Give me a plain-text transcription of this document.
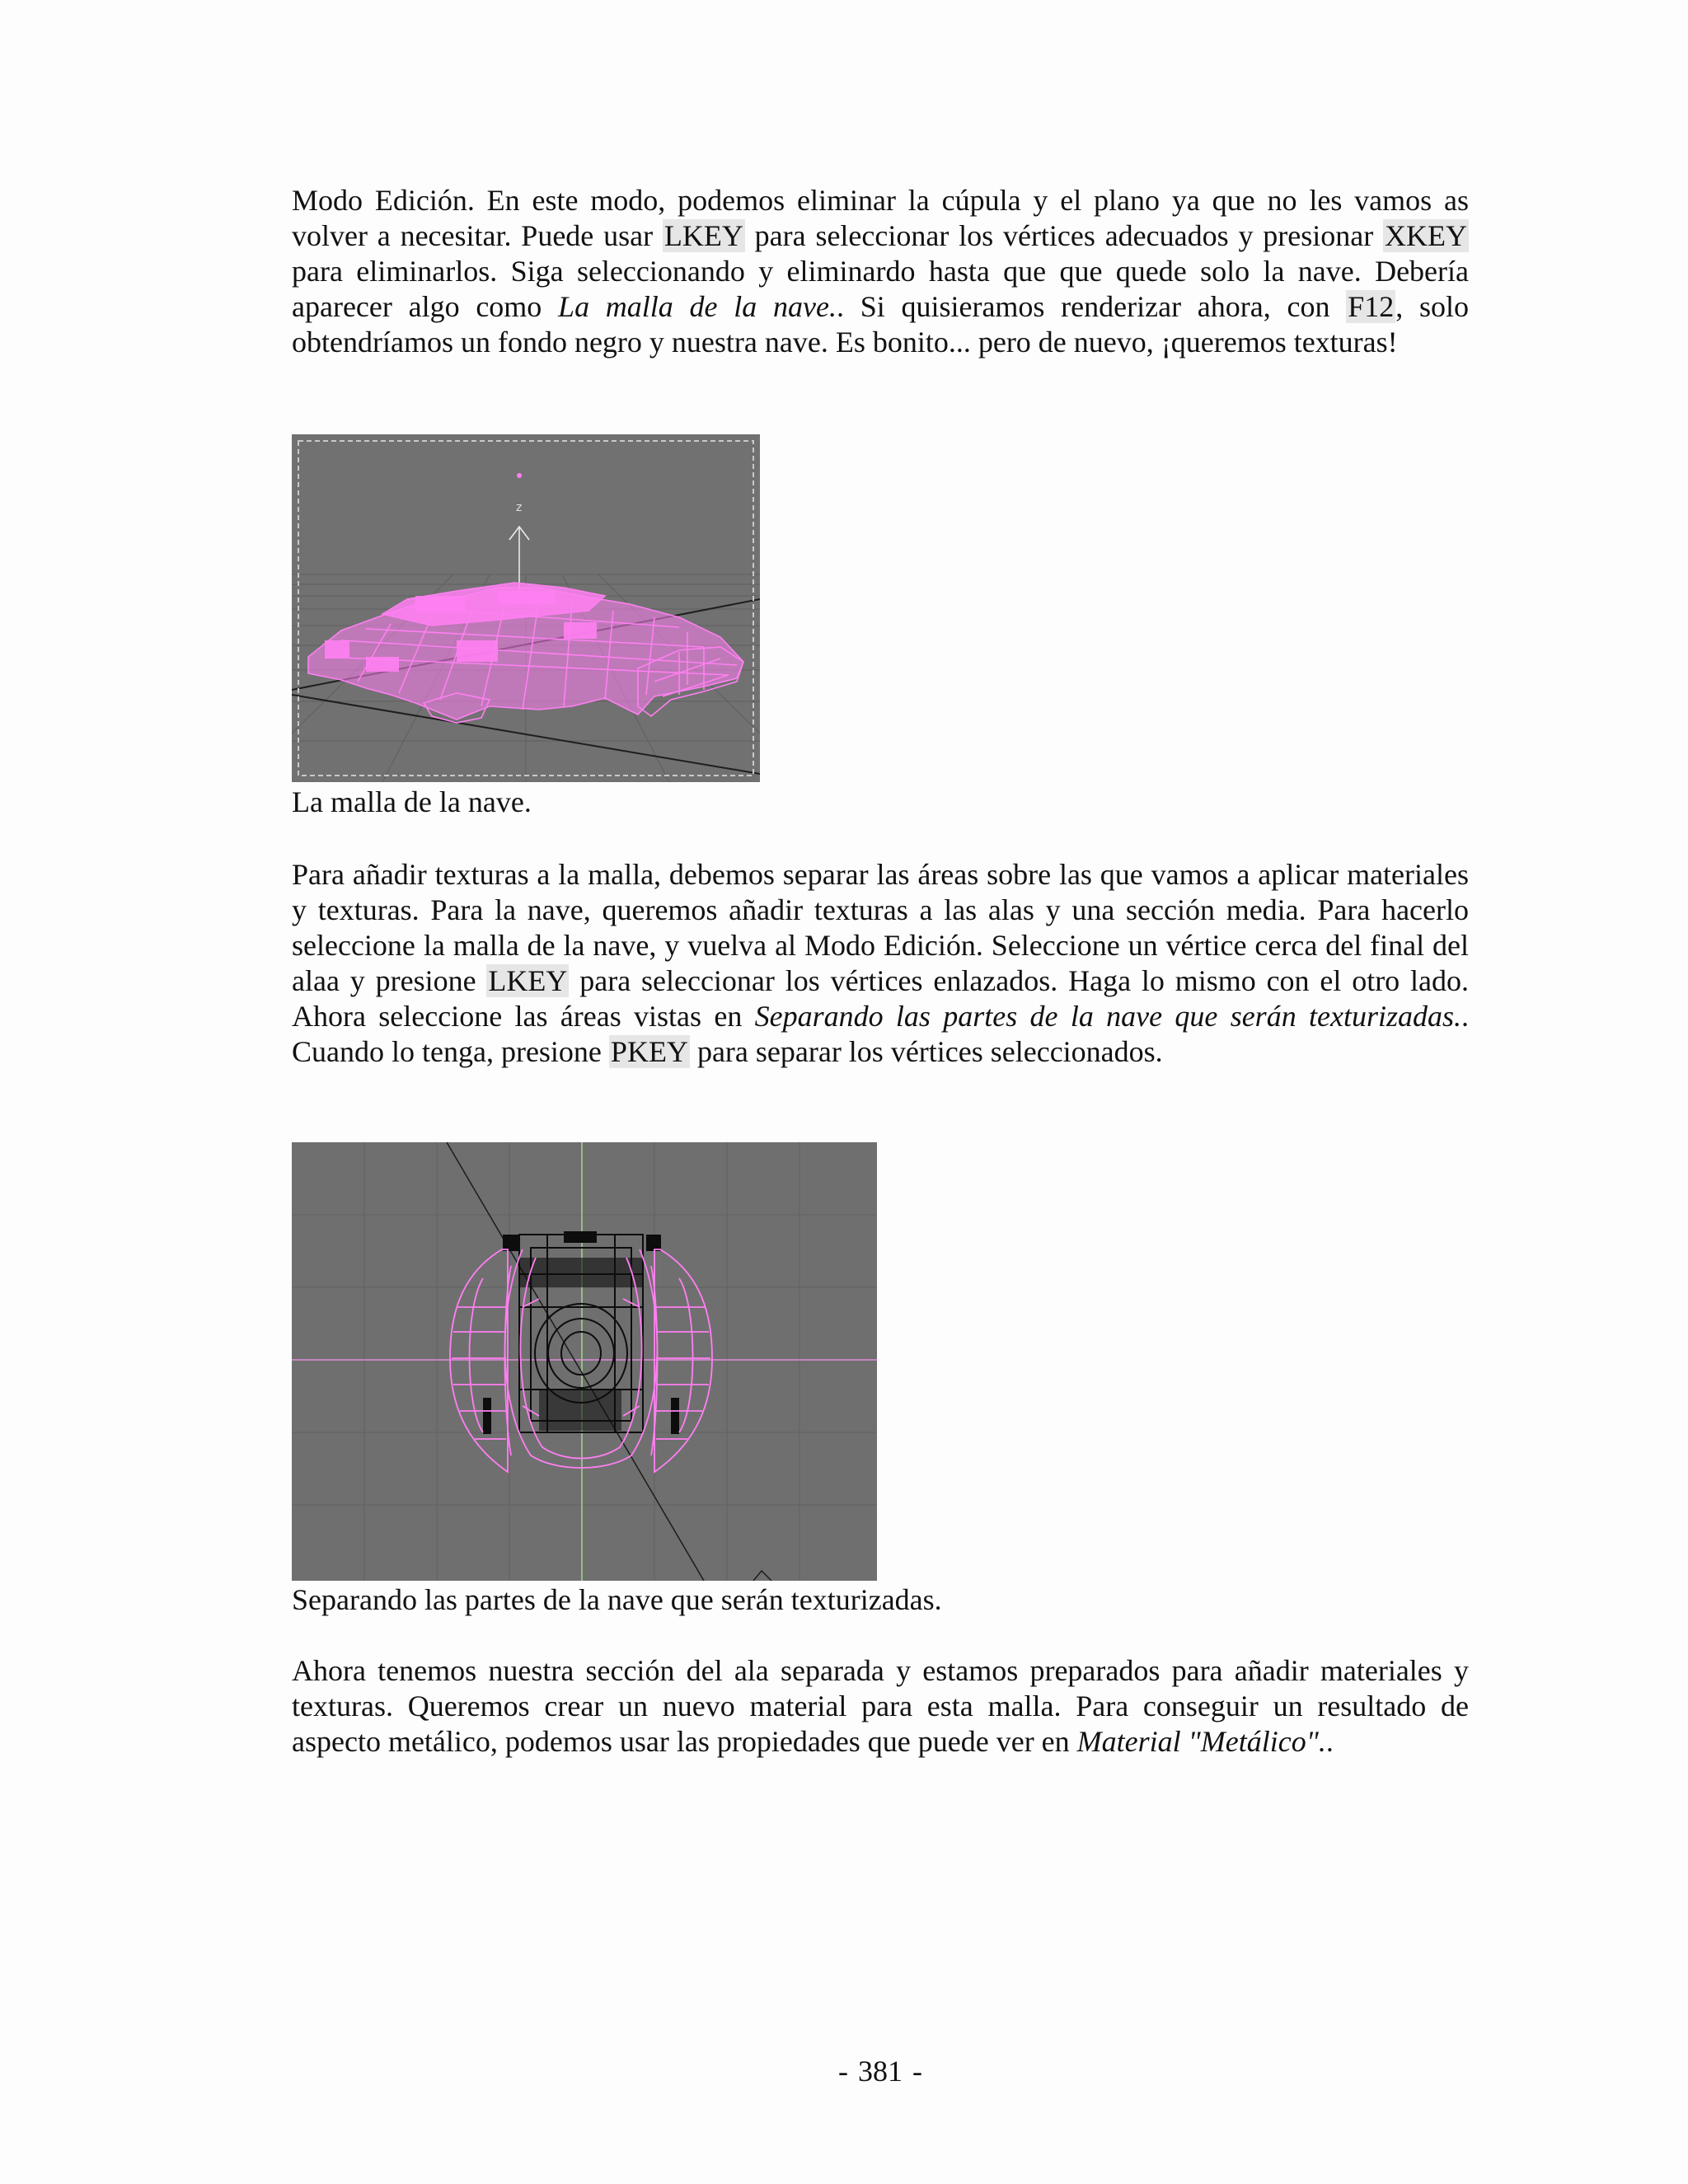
Modo Edición. En este modo, podemos eliminar la cúpula y el plano ya que no les vamos as volver a necesitar. Puede usar LKEY para seleccionar los vértices adecuados y presionar XKEY para eliminarlos. Siga seleccionando y eliminardo hasta que que quede solo la nave. Debería aparecer algo como La malla de la nave.. Si quisieramos renderizar ahora, con F12, solo obtendríamos un fondo negro y nuestra nave. Es bonito... pero de nuevo, ¡queremos texturas!

z

La malla de la nave.

Para añadir texturas a la malla, debemos separar las áreas sobre las que vamos a aplicar materiales y texturas. Para la nave, queremos añadir texturas a las alas y una sección media. Para hacerlo seleccione la malla de la nave, y vuelva al Modo Edición. Seleccione un vértice cerca del final del alaa y presione LKEY para seleccionar los vértices enlazados. Haga lo mismo con el otro lado. Ahora seleccione las áreas vistas en Separando las partes de la nave que serán texturizadas.. Cuando lo tenga, presione PKEY para separar los vértices seleccionados.

Separando las partes de la nave que serán texturizadas.

Ahora tenemos nuestra sección del ala separada y estamos preparados para añadir materiales y texturas. Queremos crear un nuevo material para esta malla. Para conseguir un resultado de aspecto metálico, podemos usar las propiedades que puede ver en Material "Metálico"..

- 381 -
